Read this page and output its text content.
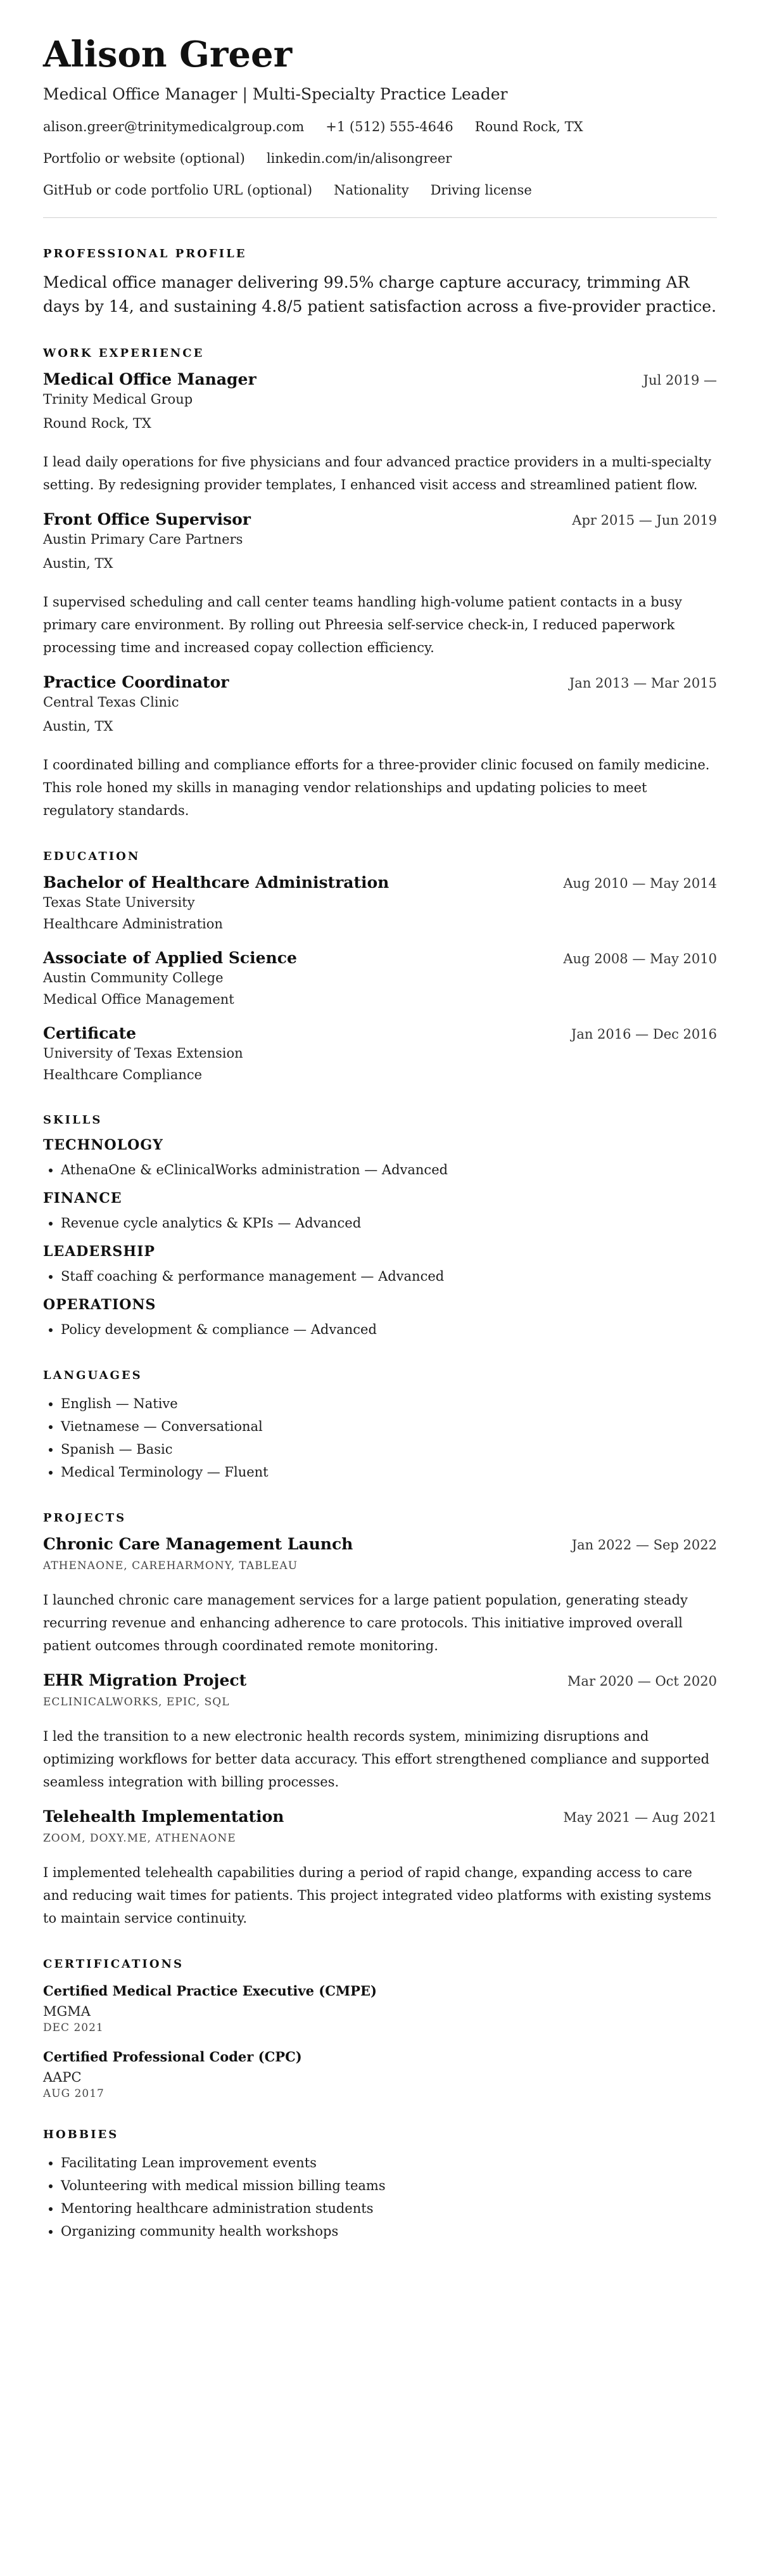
Alison Greer
Medical Office Manager | Multi-Specialty Practice Leader
alison.greer@trinitymedicalgroup.com +1 (512) 555-4646 Round Rock, TX
Portfolio or website (optional) linkedin.com/in/alisongreer
GitHub or code portfolio URL (optional) Nationality Driving license
PROFESSIONAL PROFILE

Medical office manager delivering 99.5% charge capture accuracy, trimming AR days by 14, and sustaining 4.8/5 patient satisfaction across a five-provider practice.

WORK EXPERIENCE
Medical Office Manager	Jul 2019 —
Trinity Medical Group
Round Rock, TX

I lead daily operations for five physicians and four advanced practice providers in a multi-specialty setting. By redesigning provider templates, I enhanced visit access and streamlined patient flow.

Front Office Supervisor	Apr 2015 — Jun 2019
Austin Primary Care Partners
Austin, TX

I supervised scheduling and call center teams handling high-volume patient contacts in a busy primary care environment. By rolling out Phreesia self-service check-in, I reduced paperwork processing time and increased copay collection efficiency.

Practice Coordinator	Jan 2013 — Mar 2015
Central Texas Clinic
Austin, TX

I coordinated billing and compliance efforts for a three-provider clinic focused on family medicine. This role honed my skills in managing vendor relationships and updating policies to meet regulatory standards.

EDUCATION
Bachelor of Healthcare Administration	Aug 2010 — May 2014
Texas State University
Healthcare Administration
Associate of Applied Science	Aug 2008 — May 2010
Austin Community College
Medical Office Management
Certificate	Jan 2016 — Dec 2016
University of Texas Extension
Healthcare Compliance
SKILLS
TECHNOLOGY
• AthenaOne & eClinicalWorks administration — Advanced
FINANCE
• Revenue cycle analytics & KPIs — Advanced
LEADERSHIP
• Staff coaching & performance management — Advanced
OPERATIONS
• Policy development & compliance — Advanced
LANGUAGES
• English — Native
• Vietnamese — Conversational
• Spanish — Basic
• Medical Terminology — Fluent
PROJECTS
Chronic Care Management Launch	Jan 2022 — Sep 2022
ATHENAONE, CAREHARMONY, TABLEAU

I launched chronic care management services for a large patient population, generating steady recurring revenue and enhancing adherence to care protocols. This initiative improved overall patient outcomes through coordinated remote monitoring.

EHR Migration Project	Mar 2020 — Oct 2020
ECLINICALWORKS, EPIC, SQL

I led the transition to a new electronic health records system, minimizing disruptions and optimizing workflows for better data accuracy. This effort strengthened compliance and supported seamless integration with billing processes.

Telehealth Implementation	May 2021 — Aug 2021
ZOOM, DOXY.ME, ATHENAONE

I implemented telehealth capabilities during a period of rapid change, expanding access to care and reducing wait times for patients. This project integrated video platforms with existing systems to maintain service continuity.

CERTIFICATIONS
Certified Medical Practice Executive (CMPE)
MGMA
DEC 2021
Certified Professional Coder (CPC)
AAPC
AUG 2017
HOBBIES
• Facilitating Lean improvement events
• Volunteering with medical mission billing teams
• Mentoring healthcare administration students
• Organizing community health workshops
